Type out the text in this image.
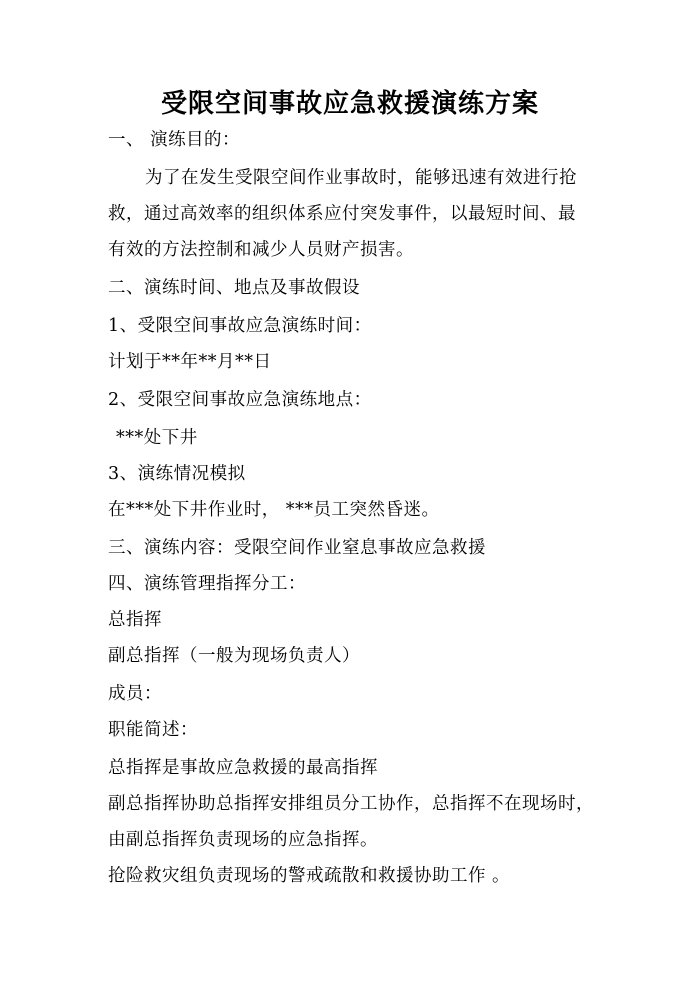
受限空间事故应急救援演练方案
一、 演练目的：
为了在发生受限空间作业事故时，能够迅速有效进行抢
救，通过高效率的组织体系应付突发事件，以最短时间、最
有效的方法控制和减少人员财产损害。
二、演练时间、地点及事故假设
1、受限空间事故应急演练时间：
计划于**年**月**日
2、受限空间事故应急演练地点：
***处下井
3、演练情况模拟
在***处下井作业时， ***员工突然昏迷。
三、演练内容：受限空间作业窒息事故应急救援
四、演练管理指挥分工：
总指挥
副总指挥（一般为现场负责人）
成员：
职能简述：
总指挥是事故应急救援的最高指挥
副总指挥协助总指挥安排组员分工协作，总指挥不在现场时，
由副总指挥负责现场的应急指挥。
抢险救灾组负责现场的警戒疏散和救援协助工作 。
